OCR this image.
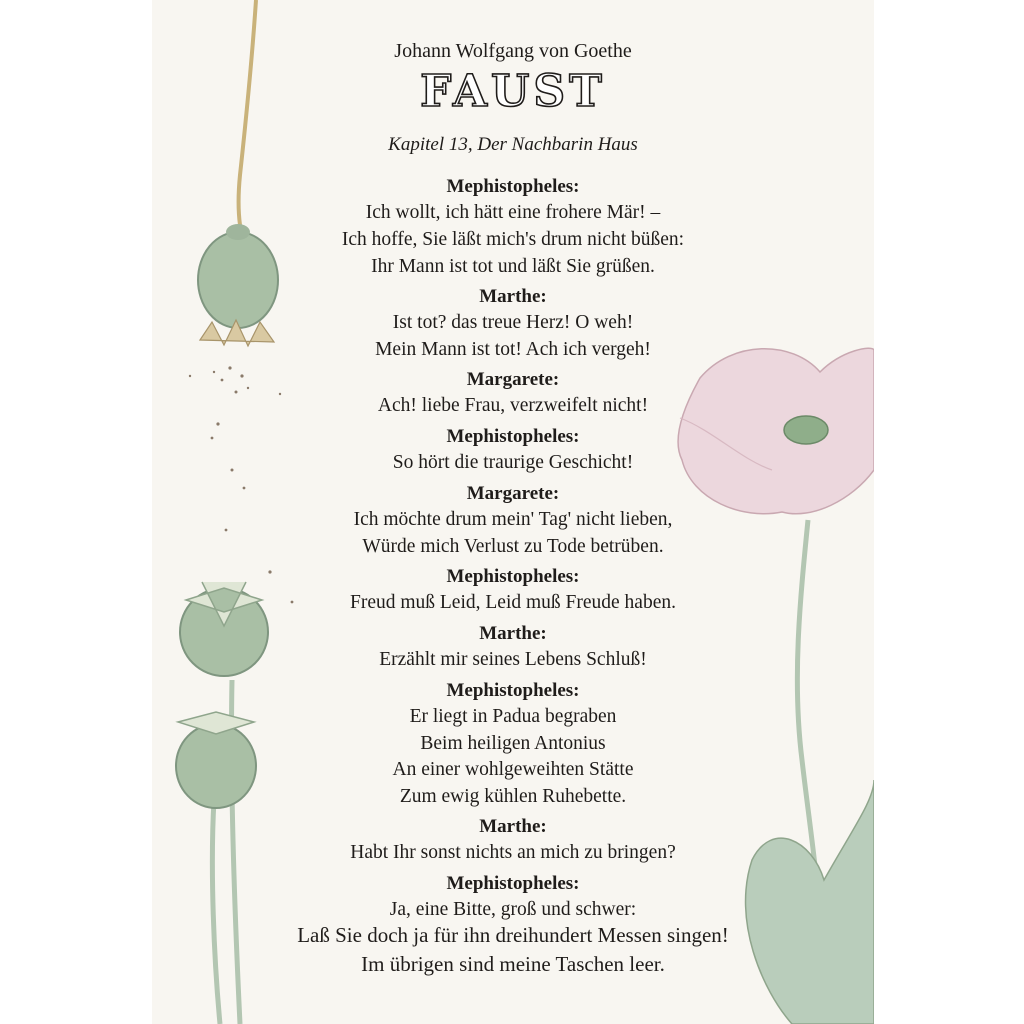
Johann Wolfgang von Goethe
FAUST
Kapitel 13, Der Nachbarin Haus
Mephistopheles:
Ich wollt, ich hätt eine frohere Mär! –
Ich hoffe, Sie läßt mich's drum nicht büßen:
Ihr Mann ist tot und läßt Sie grüßen.
Marthe:
Ist tot? das treue Herz! O weh!
Mein Mann ist tot! Ach ich vergeh!
Margarete:
Ach! liebe Frau, verzweifelt nicht!
Mephistopheles:
So hört die traurige Geschicht!
Margarete:
Ich möchte drum mein' Tag' nicht lieben,
Würde mich Verlust zu Tode betrüben.
Mephistopheles:
Freud muß Leid, Leid muß Freude haben.
Marthe:
Erzählt mir seines Lebens Schluß!
Mephistopheles:
Er liegt in Padua begraben
Beim heiligen Antonius
An einer wohlgeweihten Stätte
Zum ewig kühlen Ruhebette.
Marthe:
Habt Ihr sonst nichts an mich zu bringen?
Mephistopheles:
Ja, eine Bitte, groß und schwer:
Laß Sie doch ja für ihn dreihundert Messen singen!
Im übrigen sind meine Taschen leer.
